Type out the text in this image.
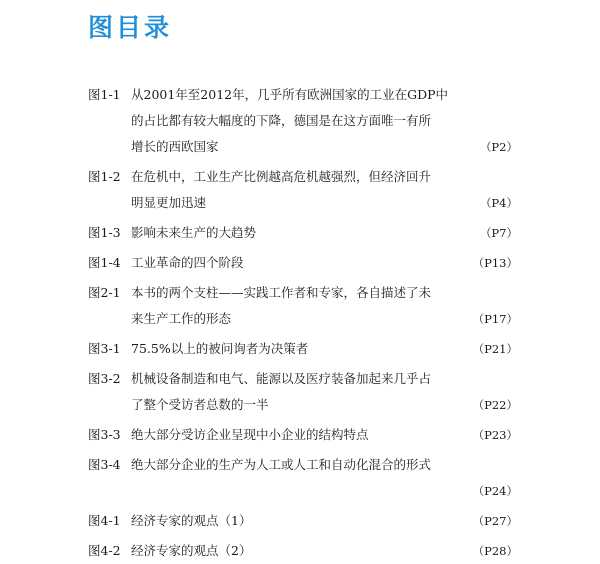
图目录
图1-1 从2001年至2012年，几乎所有欧洲国家的工业在GDP中
的占比都有较大幅度的下降，德国是在这方面唯一有所
增长的西欧国家	（P2）
图1-2 在危机中，工业生产比例越高危机越强烈，但经济回升
明显更加迅速	（P4）
图1-3 影响未来生产的大趋势	（P7）
图1-4 工业革命的四个阶段	（P13）
图2-1 本书的两个支柱——实践工作者和专家，各自描述了未
来生产工作的形态	（P17）
图3-1 75.5%以上的被问询者为决策者	（P21）
图3-2 机械设备制造和电气、能源以及医疗装备加起来几乎占
了整个受访者总数的一半	（P22）
图3-3 绝大部分受访企业呈现中小企业的结构特点	（P23）
图3-4 绝大部分企业的生产为人工或人工和自动化混合的形式
（P24）
图4-1 经济专家的观点（1）	（P27）
图4-2 经济专家的观点（2）	（P28）
